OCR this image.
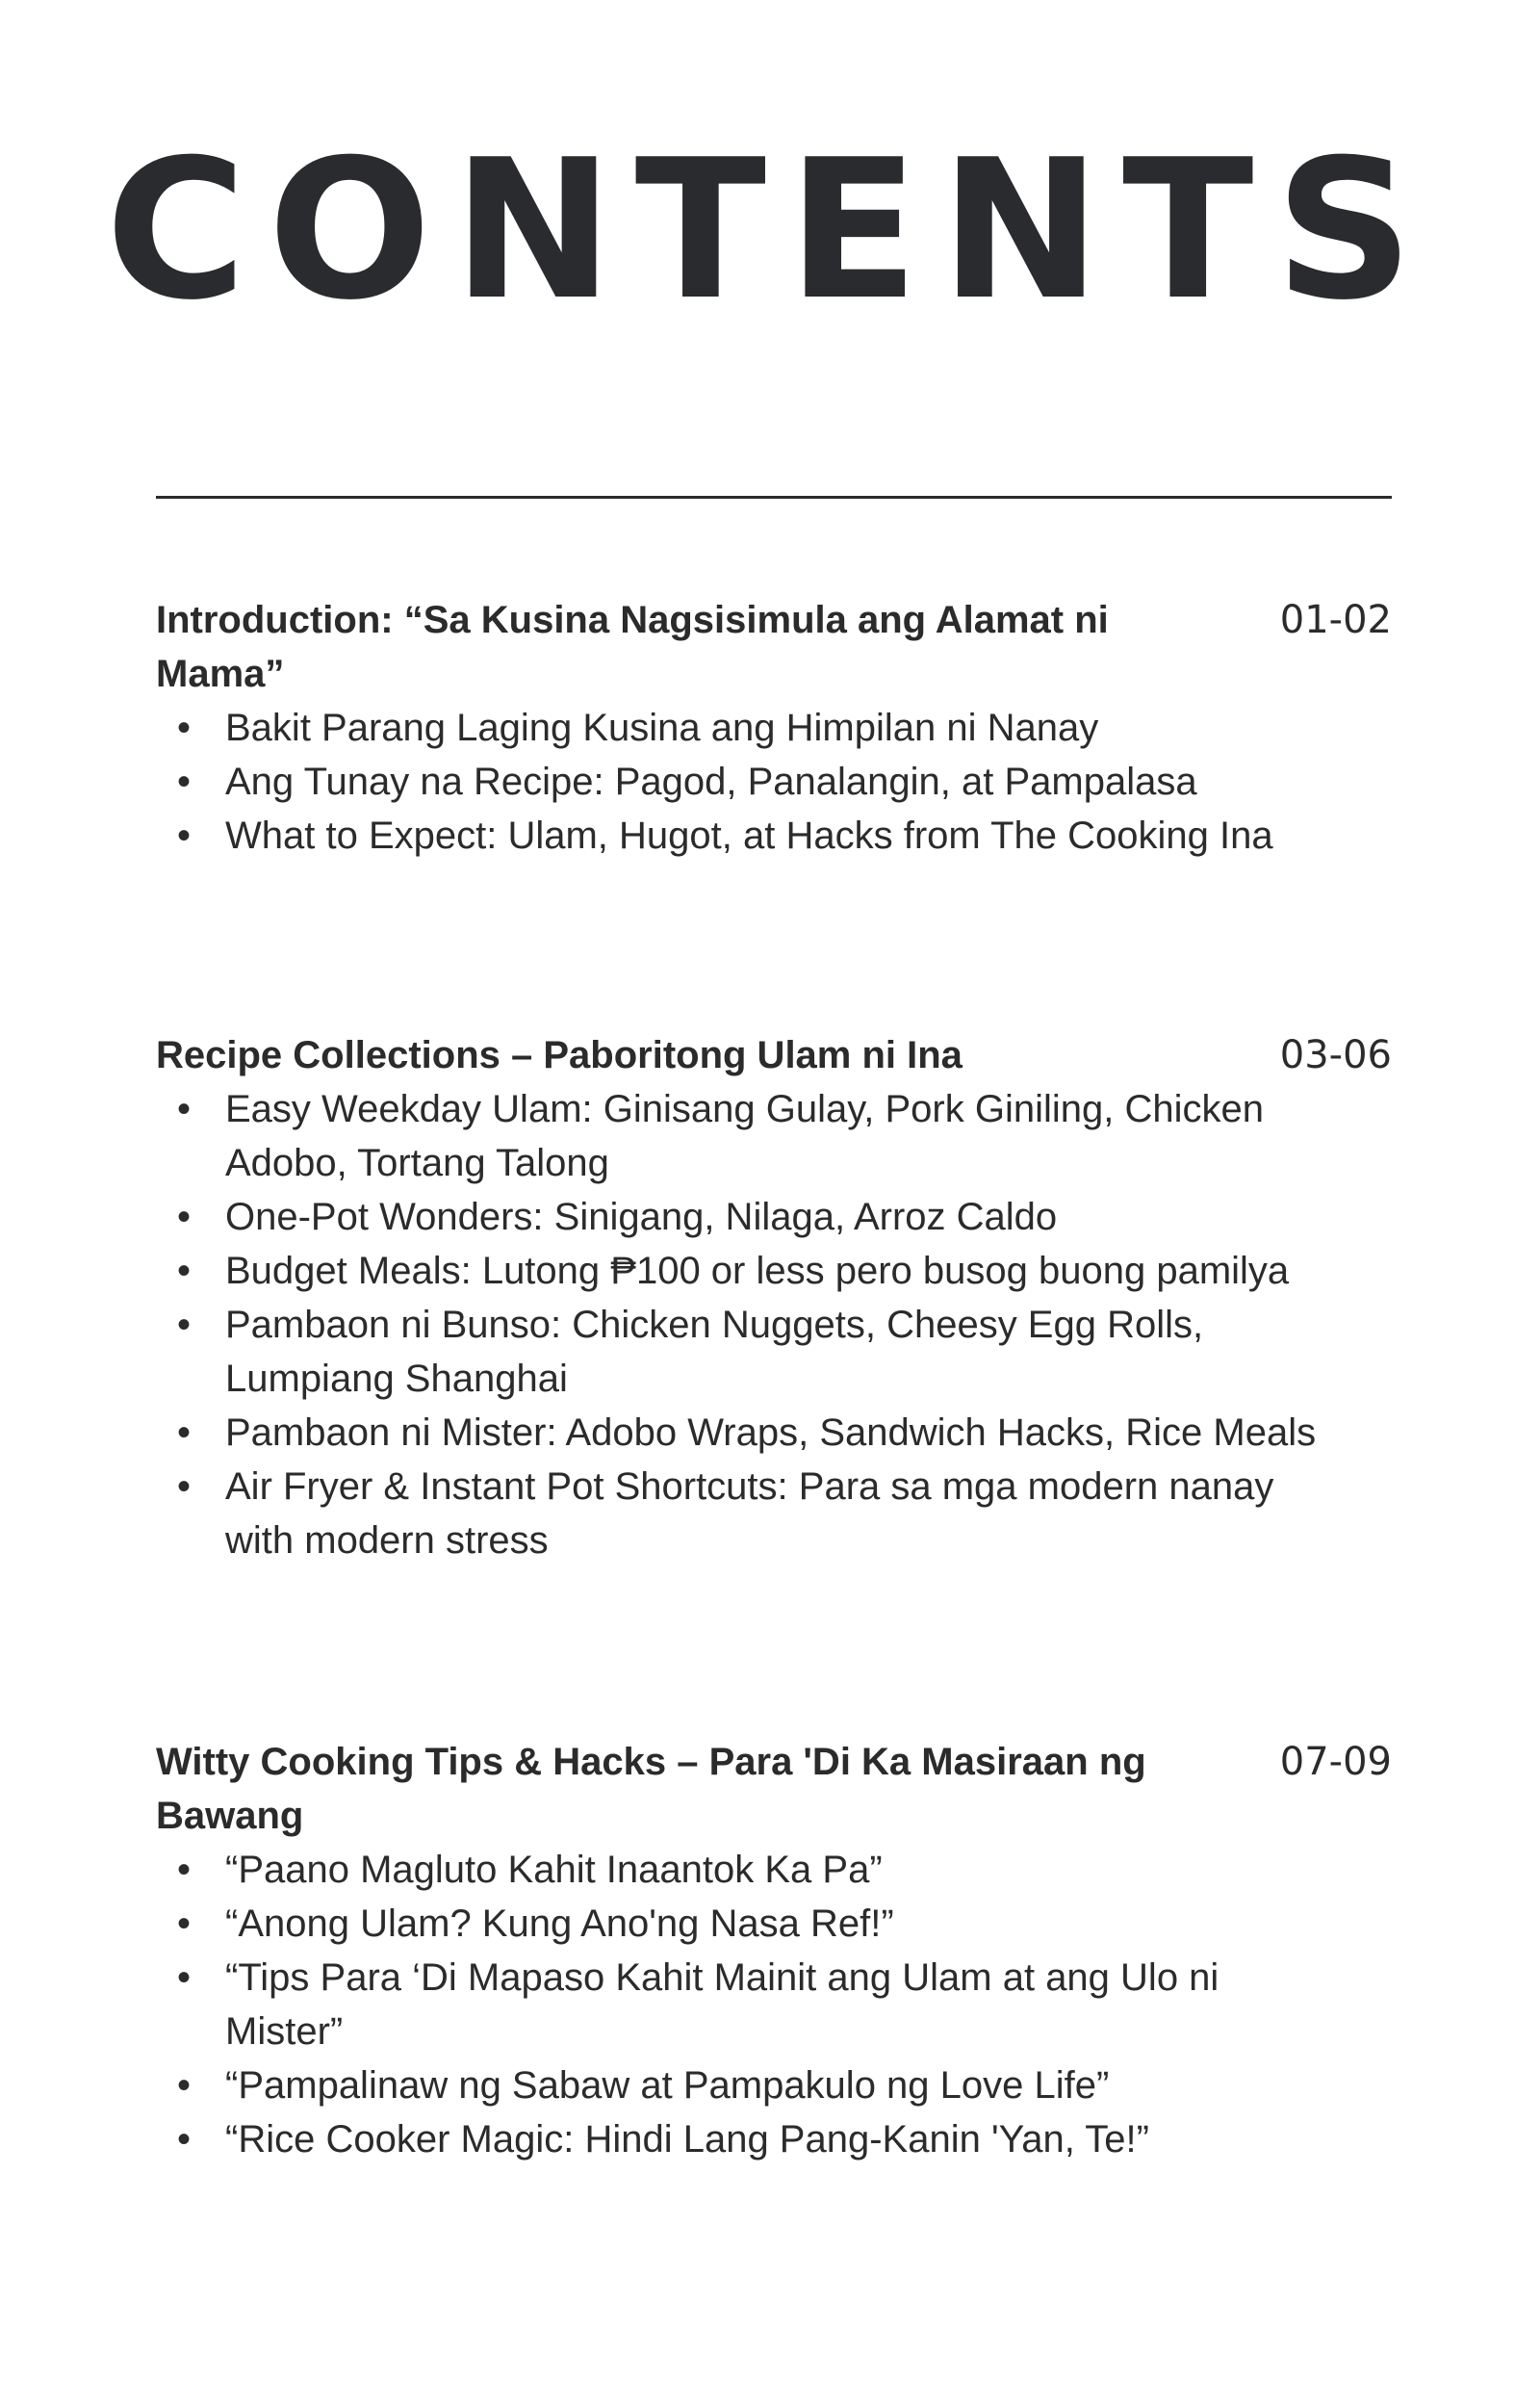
CONTENTS

Introduction: “Sa Kusina Nagsisimula ang Alamat ni Mama”

01-02
• Bakit Parang Laging Kusina ang Himpilan ni Nanay
• Ang Tunay na Recipe: Pagod, Panalangin, at Pampalasa
• What to Expect: Ulam, Hugot, at Hacks from The Cooking Ina

Recipe Collections – Paboritong Ulam ni Ina	03-06
• Easy Weekday Ulam: Ginisang Gulay, Pork Giniling, Chicken Adobo, Tortang Talong
• One-Pot Wonders: Sinigang, Nilaga, Arroz Caldo
• Budget Meals: Lutong ₱100 or less pero busog buong pamilya
• Pambaon ni Bunso: Chicken Nuggets, Cheesy Egg Rolls, Lumpiang Shanghai
• Pambaon ni Mister: Adobo Wraps, Sandwich Hacks, Rice Meals
• Air Fryer & Instant Pot Shortcuts: Para sa mga modern nanay with modern stress

Witty Cooking Tips & Hacks – Para 'Di Ka Masiraan ng Bawang

07-09
• “Paano Magluto Kahit Inaantok Ka Pa”
• “Anong Ulam? Kung Ano'ng Nasa Ref!”
• “Tips Para ‘Di Mapaso Kahit Mainit ang Ulam at ang Ulo ni Mister”
• “Pampalinaw ng Sabaw at Pampakulo ng Love Life”
• “Rice Cooker Magic: Hindi Lang Pang-Kanin 'Yan, Te!”
